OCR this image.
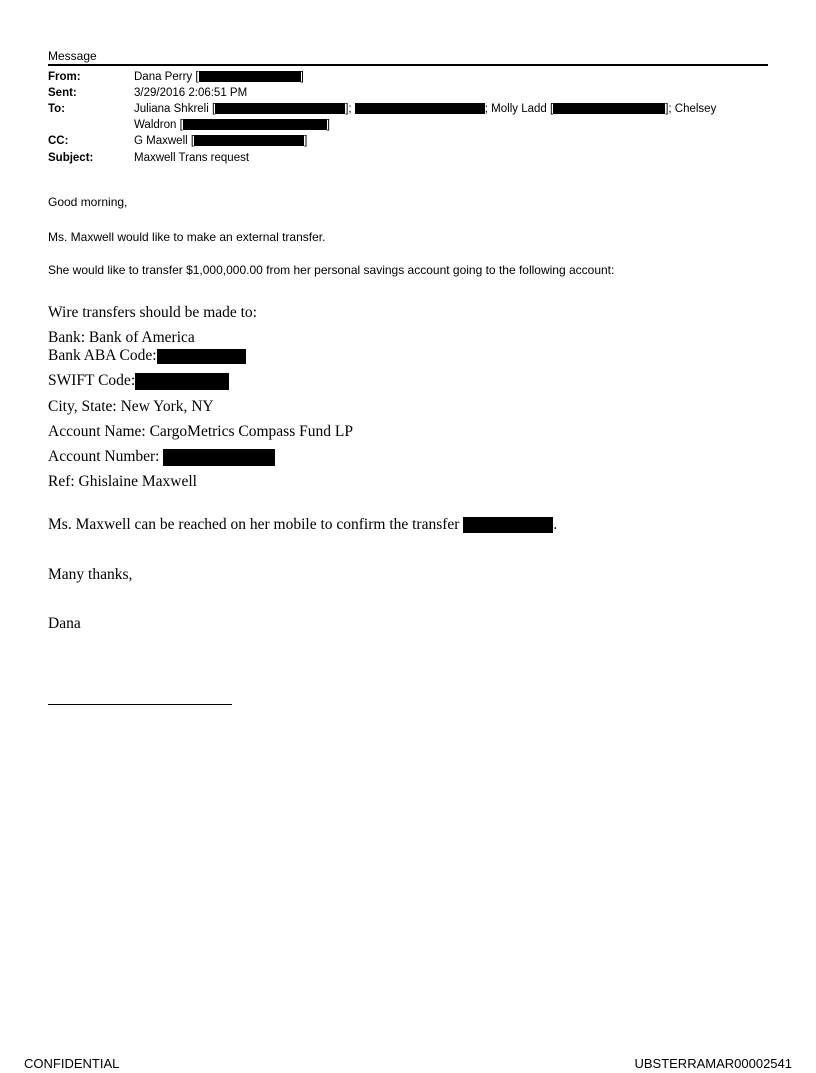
Message
From:	Dana Perry [	]
Sent:	3/29/2016 2:06:51 PM
To:	Juliana Shkreli [	];	; Molly Ladd [	]; Chelsey
Waldron [	]
CC:	G Maxwell [	]
Subject:	Maxwell Trans request
Good morning,
Ms. Maxwell would like to make an external transfer.
She would like to transfer $1,000,000.00 from her personal savings account going to the following account:
Wire transfers should be made to:
Bank: Bank of America
Bank ABA Code:
SWIFT Code:
City, State: New York, NY
Account Name: CargoMetrics Compass Fund LP
Account Number:
Ref: Ghislaine Maxwell
Ms. Maxwell can be reached on her mobile to confirm the transfer	.
Many thanks,
Dana
CONFIDENTIAL	UBSTERRAMAR00002541
